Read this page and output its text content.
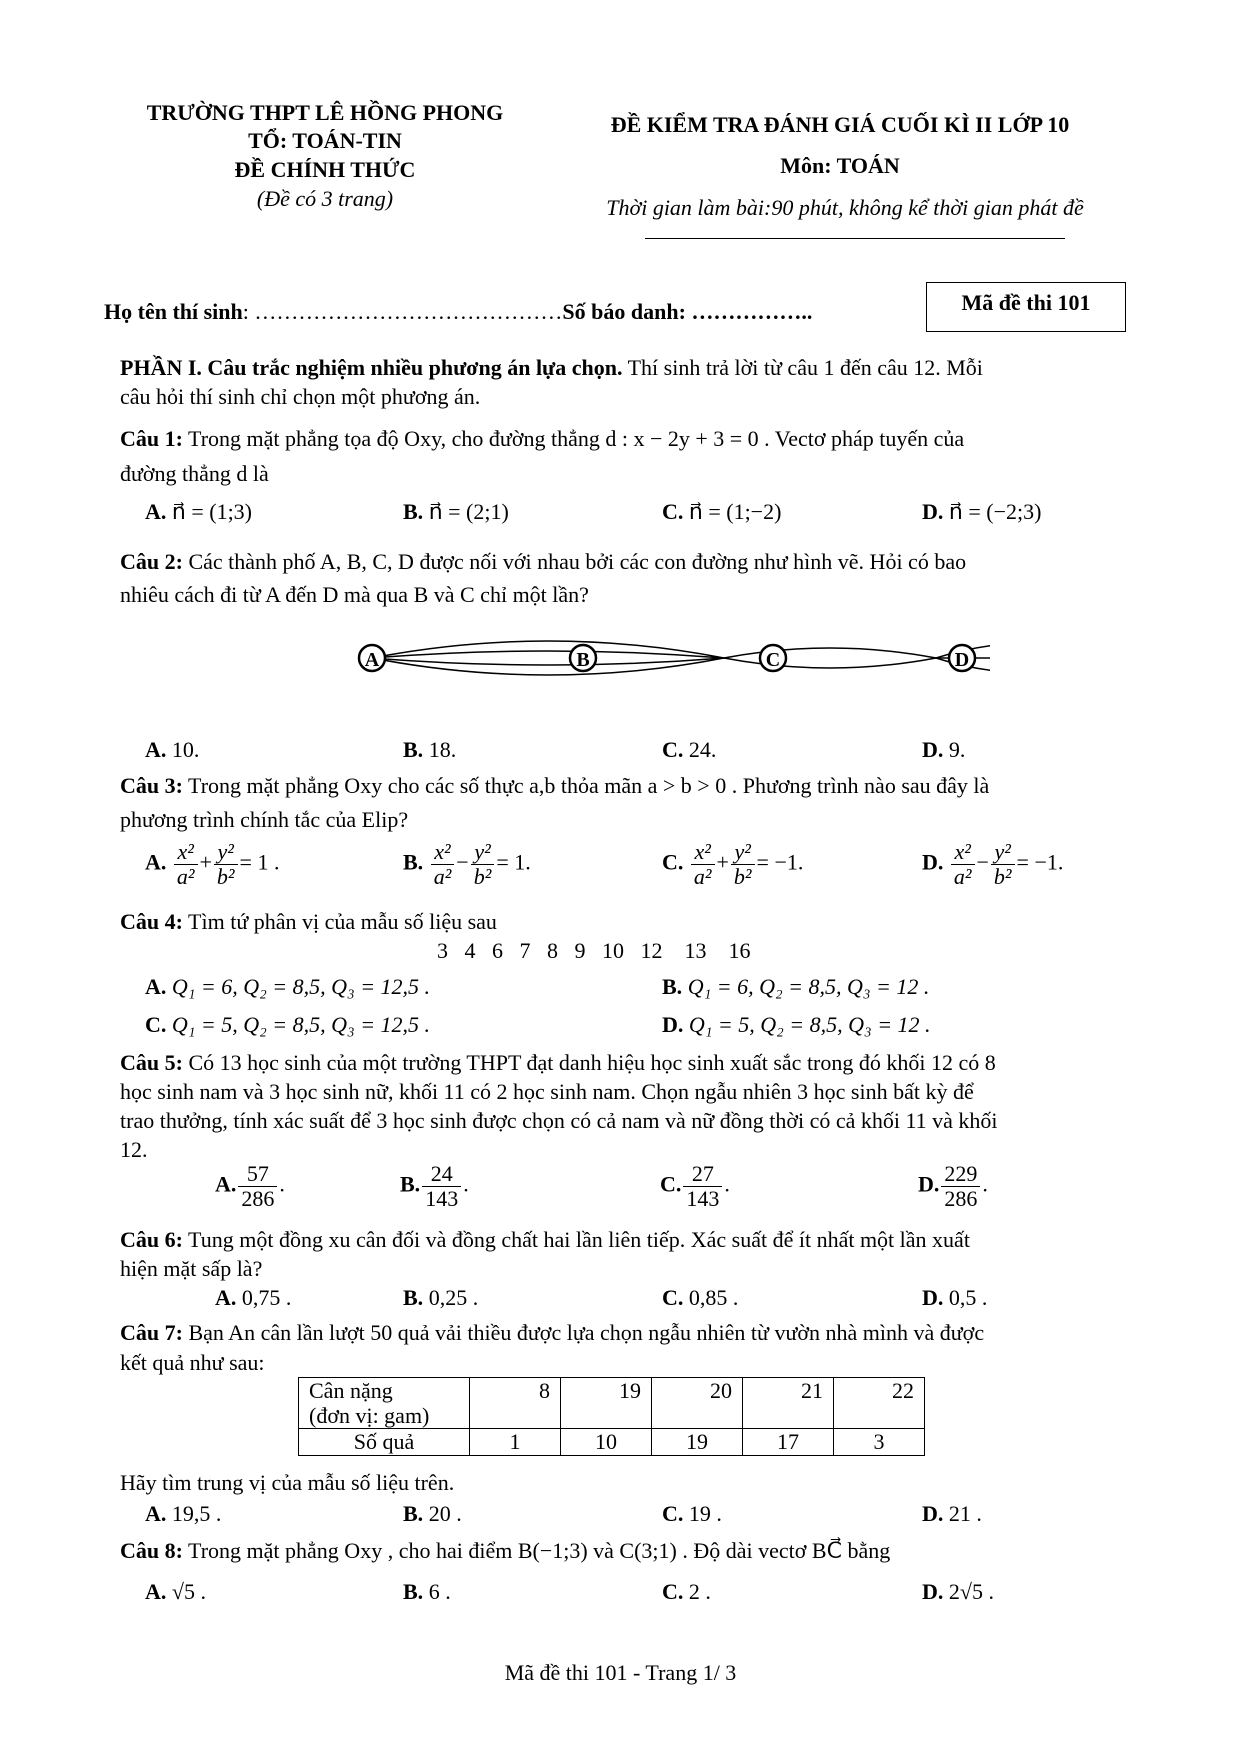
TRƯỜNG THPT LÊ HỒNG PHONG
TỔ: TOÁN-TIN
ĐỀ CHÍNH THỨC
(Đề có 3 trang)
ĐỀ KIỂM TRA ĐÁNH GIÁ CUỐI KÌ II LỚP 10
Môn: TOÁN
Thời gian làm bài:90 phút, không kể thời gian phát đề
Họ tên thí sinh: ……………………………………Số báo danh: ……………..	Mã đề thi 101
PHẦN I. Câu trắc nghiệm nhiều phương án lựa chọn. Thí sinh trả lời từ câu 1 đến câu 12. Mỗi
câu hỏi thí sinh chỉ chọn một phương án.
Câu 1: Trong mặt phẳng tọa độ Oxy, cho đường thẳng d : x − 2y + 3 = 0 . Vectơ pháp tuyến của
đường thẳng d là
A. n⃗ = (1;3)	B. n⃗ = (2;1)	C. n⃗ = (1;−2)	D. n⃗ = (−2;3)
Câu 2: Các thành phố A, B, C, D được nối với nhau bởi các con đường như hình vẽ. Hỏi có bao
nhiêu cách đi từ A đến D mà qua B và C chỉ một lần?
A	B	C	D
A. 10.	B. 18.	C. 24.	D. 9.
Câu 3: Trong mặt phẳng Oxy cho các số thực a,b thỏa mãn a > b > 0 . Phương trình nào sau đây là
phương trình chính tắc của Elip?
A. $\frac{\text{x²}}{\text{a²}} + \frac{\text{y²}}{\text{b²}} = 1$ .	B. $\frac{\text{x²}}{\text{a²}} - \frac{\text{y²}}{\text{b²}} = 1$.	C. $\frac{\text{x²}}{\text{a²}} + \frac{\text{y²}}{\text{b²}} = -1$.	D. $\frac{\text{x²}}{\text{a²}} - \frac{\text{y²}}{\text{b²}} = -1$.
Câu 4: Tìm tứ phân vị của mẫu số liệu sau
3   4   6   7   8   9   10   12    13    16
A. Q₁ = 6, Q₂ = 8,5, Q₃ = 12,5 .	B. Q₁ = 6, Q₂ = 8,5, Q₃ = 12 .
C. Q₁ = 5, Q₂ = 8,5, Q₃ = 12,5 .	D. Q₁ = 5, Q₂ = 8,5, Q₃ = 12 .
Câu 5: Có 13 học sinh của một trường THPT đạt danh hiệu học sinh xuất sắc trong đó khối 12 có 8
học sinh nam và 3 học sinh nữ, khối 11 có 2 học sinh nam. Chọn ngẫu nhiên 3 học sinh bất kỳ để
trao thưởng, tính xác suất để 3 học sinh được chọn có cả nam và nữ đồng thời có cả khối 11 và khối
12.
A. $\frac{57}{286}$ .	B. $\frac{24}{143}$ .	C. $\frac{27}{143}$ .	D. $\frac{229}{286}$ .
Câu 6: Tung một đồng xu cân đối và đồng chất hai lần liên tiếp. Xác suất để ít nhất một lần xuất
hiện mặt sấp là?
A. 0,75 .	B. 0,25 .	C. 0,85 .	D. 0,5 .
Câu 7: Bạn An cân lần lượt 50 quả vải thiều được lựa chọn ngẫu nhiên từ vườn nhà mình và được
kết quả như sau:
Cân nặng
(đơn vị: gam)	8	19	20	21	22
Số quả	1	10	19	17	3
Hãy tìm trung vị của mẫu số liệu trên.
A. 19,5 .	B. 20 .	C. 19 .	D. 21 .
Câu 8: Trong mặt phẳng Oxy , cho hai điểm B(−1;3) và C(3;1) . Độ dài vectơ BC⃗ bằng
A. √5 .	B. 6 .	C. 2 .	D. 2√5 .
Mã đề thi 101 - Trang 1/ 3
